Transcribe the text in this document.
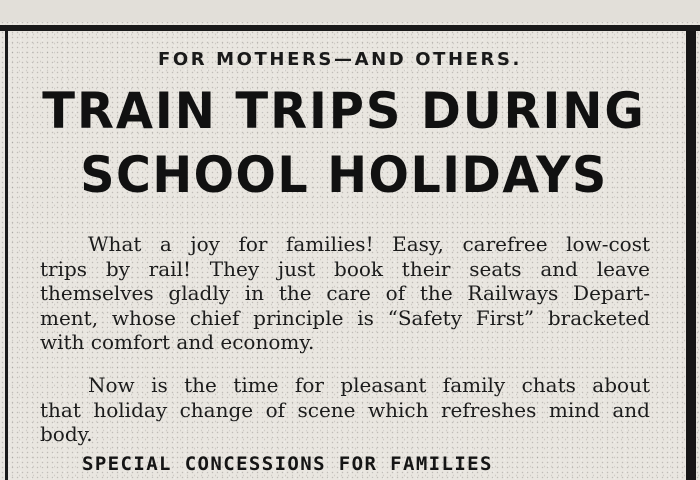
FOR MOTHERS—AND OTHERS.
TRAIN TRIPS DURING
SCHOOL HOLIDAYS
What a joy for families! Easy, carefree low-cost
trips by rail! They just book their seats and leave
themselves gladly in the care of the Railways Depart-
ment, whose chief principle is “Safety First” bracketed
with comfort and economy.
Now is the time for pleasant family chats about
that holiday change of scene which refreshes mind and
body.
SPECIAL CONCESSIONS FOR FAMILIES
